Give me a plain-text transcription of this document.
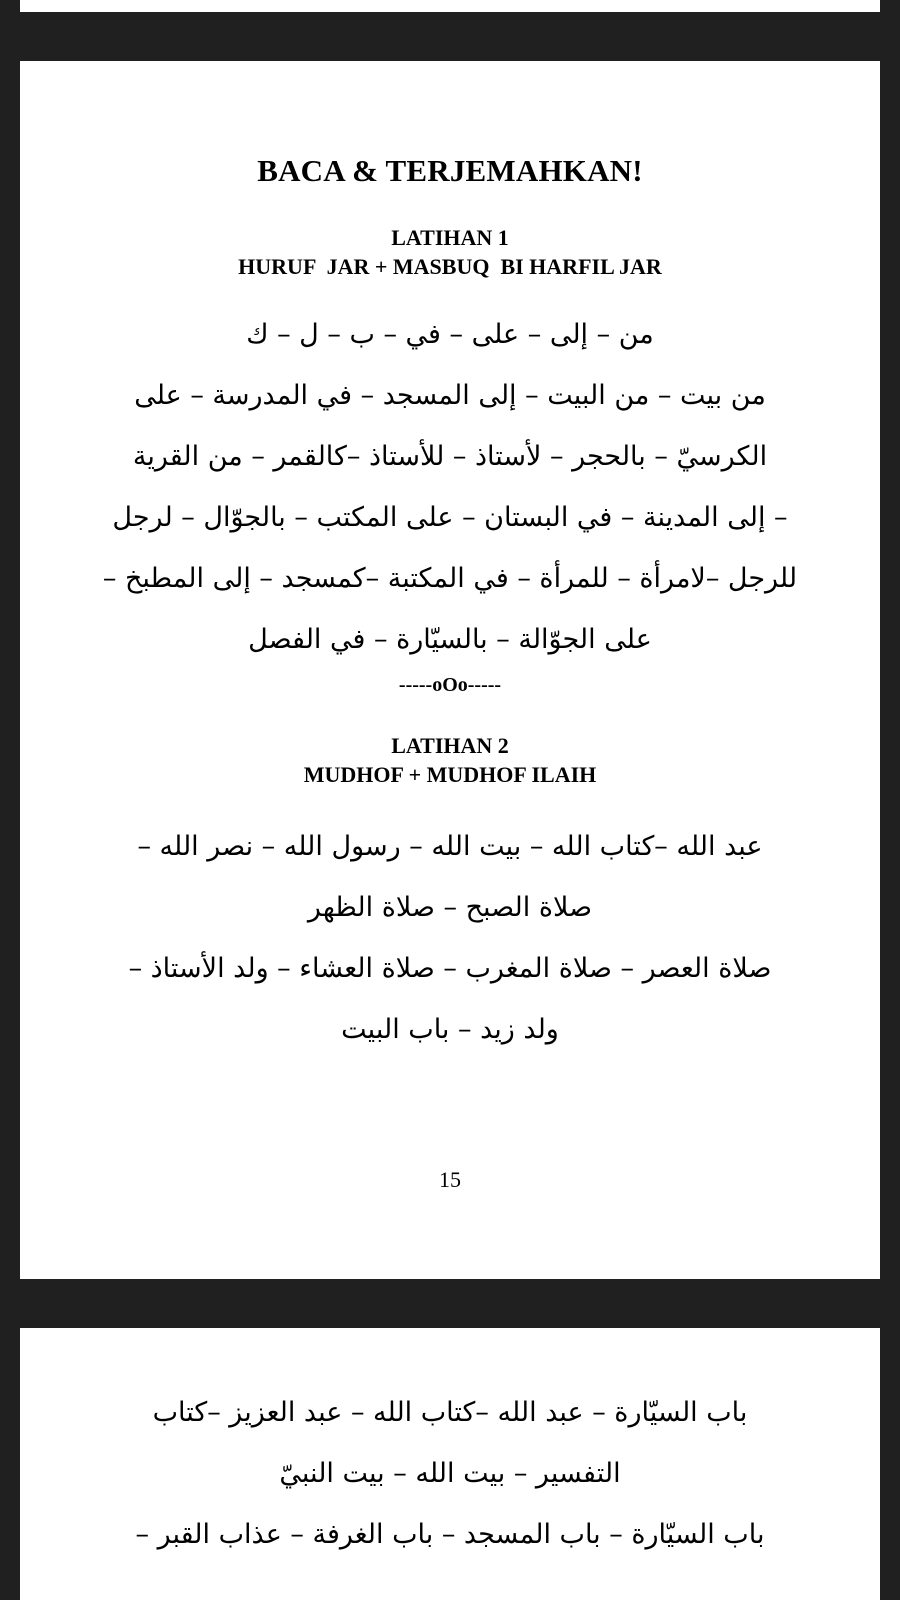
BACA & TERJEMAHKAN!
LATIHAN 1
HURUF  JAR + MASBUQ  BI HARFIL JAR
من – إلى – على – في – ب – ل – ك
من بيت – من البيت – إلى المسجد – في المدرسة – على
الكرسيّ – بالحجر – لأستاذ – للأستاذ –كالقمر – من القرية
– إلى المدينة – في البستان – على المكتب – بالجوّال – لرجل
للرجل –لامرأة – للمرأة – في المكتبة –كمسجد – إلى المطبخ –
على الجوّالة – بالسيّارة – في الفصل
-----oOo-----
LATIHAN 2
MUDHOF + MUDHOF ILAIH
عبد الله –كتاب الله – بيت الله – رسول الله – نصر الله –
صلاة الصبح – صلاة الظهر
صلاة العصر – صلاة المغرب – صلاة العشاء – ولد الأستاذ –
ولد زيد – باب البيت
15
باب السيّارة – عبد الله –كتاب الله – عبد العزيز –كتاب
التفسير – بيت الله – بيت النبيّ
باب السيّارة – باب المسجد – باب الغرفة – عذاب القبر –
